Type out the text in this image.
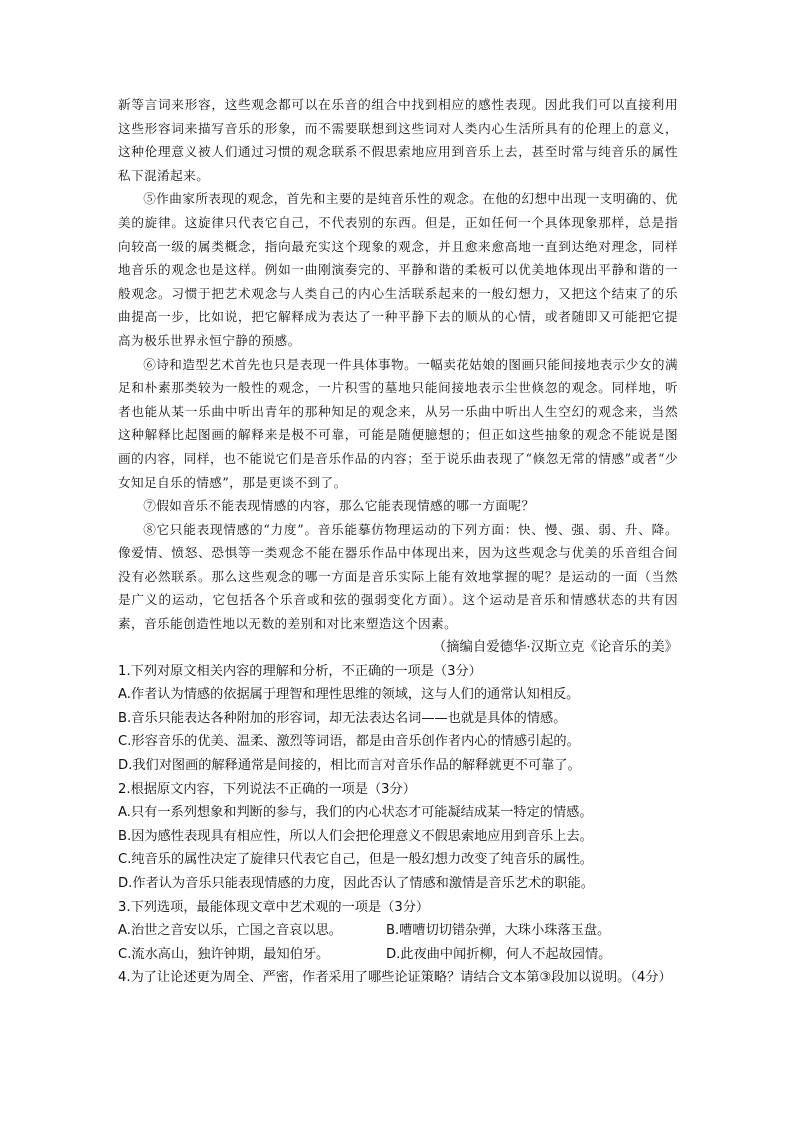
新等言词来形容，这些观念都可以在乐音的组合中找到相应的感性表现。因此我们可以直接利用这些形容词来描写音乐的形象，而不需要联想到这些词对人类内心生活所具有的伦理上的意义，这种伦理意义被人们通过习惯的观念联系不假思索地应用到音乐上去，甚至时常与纯音乐的属性私下混淆起来。

⑤作曲家所表现的观念，首先和主要的是纯音乐性的观念。在他的幻想中出现一支明确的、优美的旋律。这旋律只代表它自己，不代表别的东西。但是，正如任何一个具体现象那样，总是指向较高一级的属类概念，指向最充实这个现象的观念，并且愈来愈高地一直到达绝对理念，同样地音乐的观念也是这样。例如一曲刚演奏完的、平静和谐的柔板可以优美地体现出平静和谐的一般观念。习惯于把艺术观念与人类自己的内心生活联系起来的一般幻想力，又把这个结束了的乐曲提高一步，比如说，把它解释成为表达了一种平静下去的顺从的心情，或者随即又可能把它提高为极乐世界永恒宁静的预感。

⑥诗和造型艺术首先也只是表现一件具体事物。一幅卖花姑娘的图画只能间接地表示少女的满足和朴素那类较为一般性的观念，一片积雪的墓地只能间接地表示尘世倏忽的观念。同样地，听者也能从某一乐曲中听出青年的那种知足的观念来，从另一乐曲中听出人生空幻的观念来，当然这种解释比起图画的解释来是极不可靠，可能是随便臆想的；但正如这些抽象的观念不能说是图画的内容，同样，也不能说它们是音乐作品的内容；至于说乐曲表现了“倏忽无常的情感”或者“少女知足自乐的情感”，那是更谈不到了。

⑦假如音乐不能表现情感的内容，那么它能表现情感的哪一方面呢？

⑧它只能表现情感的“力度”。音乐能摹仿物理运动的下列方面：快、慢、强、弱、升、降。像爱情、愤怒、恐惧等一类观念不能在器乐作品中体现出来，因为这些观念与优美的乐音组合间没有必然联系。那么这些观念的哪一方面是音乐实际上能有效地掌握的呢？是运动的一面（当然是广义的运动，它包括各个乐音或和弦的强弱变化方面）。这个运动是音乐和情感状态的共有因素，音乐能创造性地以无数的差别和对比来塑造这个因素。

（摘编自爱德华·汉斯立克《论音乐的美》

1.下列对原文相关内容的理解和分析，不正确的一项是（3分）

A.作者认为情感的依据属于理智和理性思维的领域，这与人们的通常认知相反。

B.音乐只能表达各种附加的形容词，却无法表达名词——也就是具体的情感。

C.形容音乐的优美、温柔、激烈等词语，都是由音乐创作者内心的情感引起的。

D.我们对图画的解释通常是间接的，相比而言对音乐作品的解释就更不可靠了。

2.根据原文内容，下列说法不正确的一项是（3分）

A.只有一系列想象和判断的参与，我们的内心状态才可能凝结成某一特定的情感。

B.因为感性表现具有相应性，所以人们会把伦理意义不假思索地应用到音乐上去。

C.纯音乐的属性决定了旋律只代表它自己，但是一般幻想力改变了纯音乐的属性。

D.作者认为音乐只能表现情感的力度，因此否认了情感和激情是音乐艺术的职能。

3.下列选项，最能体现文章中艺术观的一项是（3分）

A.治世之音安以乐，亡国之音哀以思。	B.嘈嘈切切错杂弹，大珠小珠落玉盘。
C.流水高山，独许钟期，最知伯牙。	D.此夜曲中闻折柳，何人不起故园情。

4.为了让论述更为周全、严密，作者采用了哪些论证策略？请结合文本第③段加以说明。（4分）
